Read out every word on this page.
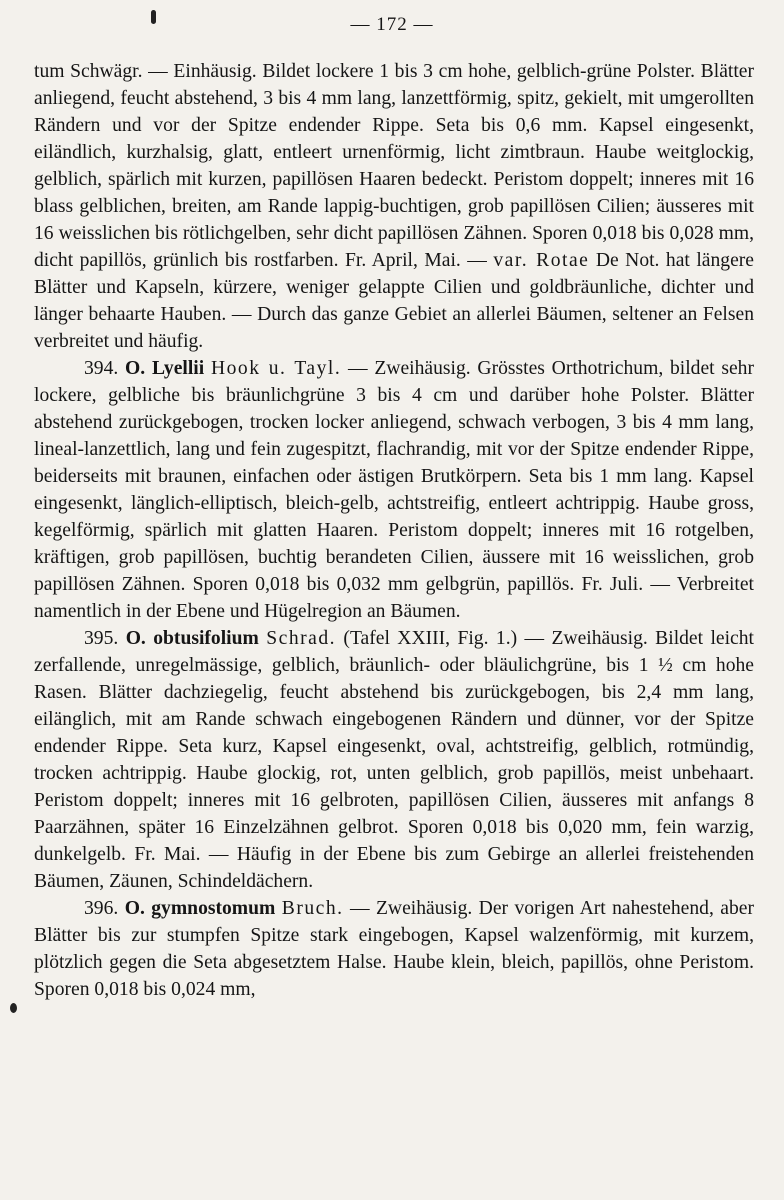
— 172 —

tum Schwägr. — Einhäusig. Bildet lockere 1 bis 3 cm hohe, gelblich-grüne Polster. Blätter anliegend, feucht abstehend, 3 bis 4 mm lang, lanzettförmig, spitz, gekielt, mit umgerollten Rändern und vor der Spitze endender Rippe. Seta bis 0,6 mm. Kapsel eingesenkt, eiländlich, kurzhalsig, glatt, entleert urnenförmig, licht zimtbraun. Haube weitglockig, gelblich, spärlich mit kurzen, papillösen Haaren bedeckt. Peristom doppelt; inneres mit 16 blass gelblichen, breiten, am Rande lappig-buchtigen, grob papillösen Cilien; äusseres mit 16 weisslichen bis rötlichgelben, sehr dicht papillösen Zähnen. Sporen 0,018 bis 0,028 mm, dicht papillös, grünlich bis rostfarben. Fr. April, Mai. — var. Rotae De Not. hat längere Blätter und Kapseln, kürzere, weniger gelappte Cilien und goldbräunliche, dichter und länger behaarte Hauben. — Durch das ganze Gebiet an allerlei Bäumen, seltener an Felsen verbreitet und häufig.

394. O. Lyellii Hook u. Tayl. — Zweihäusig. Grösstes Orthotrichum, bildet sehr lockere, gelbliche bis bräunlichgrüne 3 bis 4 cm und darüber hohe Polster. Blätter abstehend zurückgebogen, trocken locker anliegend, schwach verbogen, 3 bis 4 mm lang, lineal-lanzettlich, lang und fein zugespitzt, flachrandig, mit vor der Spitze endender Rippe, beiderseits mit braunen, einfachen oder ästigen Brutkörpern. Seta bis 1 mm lang. Kapsel eingesenkt, länglich-elliptisch, bleich-gelb, achtstreifig, entleert achtrippig. Haube gross, kegelförmig, spärlich mit glatten Haaren. Peristom doppelt; inneres mit 16 rotgelben, kräftigen, grob papillösen, buchtig berandeten Cilien, äussere mit 16 weisslichen, grob papillösen Zähnen. Sporen 0,018 bis 0,032 mm gelbgrün, papillös. Fr. Juli. — Verbreitet namentlich in der Ebene und Hügelregion an Bäumen.

395. O. obtusifolium Schrad. (Tafel XXIII, Fig. 1.) — Zweihäusig. Bildet leicht zerfallende, unregelmässige, gelblich, bräunlich- oder bläulichgrüne, bis 1 ½ cm hohe Rasen. Blätter dachziegelig, feucht abstehend bis zurückgebogen, bis 2,4 mm lang, eilänglich, mit am Rande schwach eingebogenen Rändern und dünner, vor der Spitze endender Rippe. Seta kurz, Kapsel eingesenkt, oval, achtstreifig, gelblich, rotmündig, trocken achtrippig. Haube glockig, rot, unten gelblich, grob papillös, meist unbehaart. Peristom doppelt; inneres mit 16 gelbroten, papillösen Cilien, äusseres mit anfangs 8 Paarzähnen, später 16 Einzelzähnen gelbrot. Sporen 0,018 bis 0,020 mm, fein warzig, dunkelgelb. Fr. Mai. — Häufig in der Ebene bis zum Gebirge an allerlei freistehenden Bäumen, Zäunen, Schindeldächern.

396. O. gymnostomum Bruch. — Zweihäusig. Der vorigen Art nahestehend, aber Blätter bis zur stumpfen Spitze stark eingebogen, Kapsel walzenförmig, mit kurzem, plötzlich gegen die Seta abgesetztem Halse. Haube klein, bleich, papillös, ohne Peristom. Sporen 0,018 bis 0,024 mm,
